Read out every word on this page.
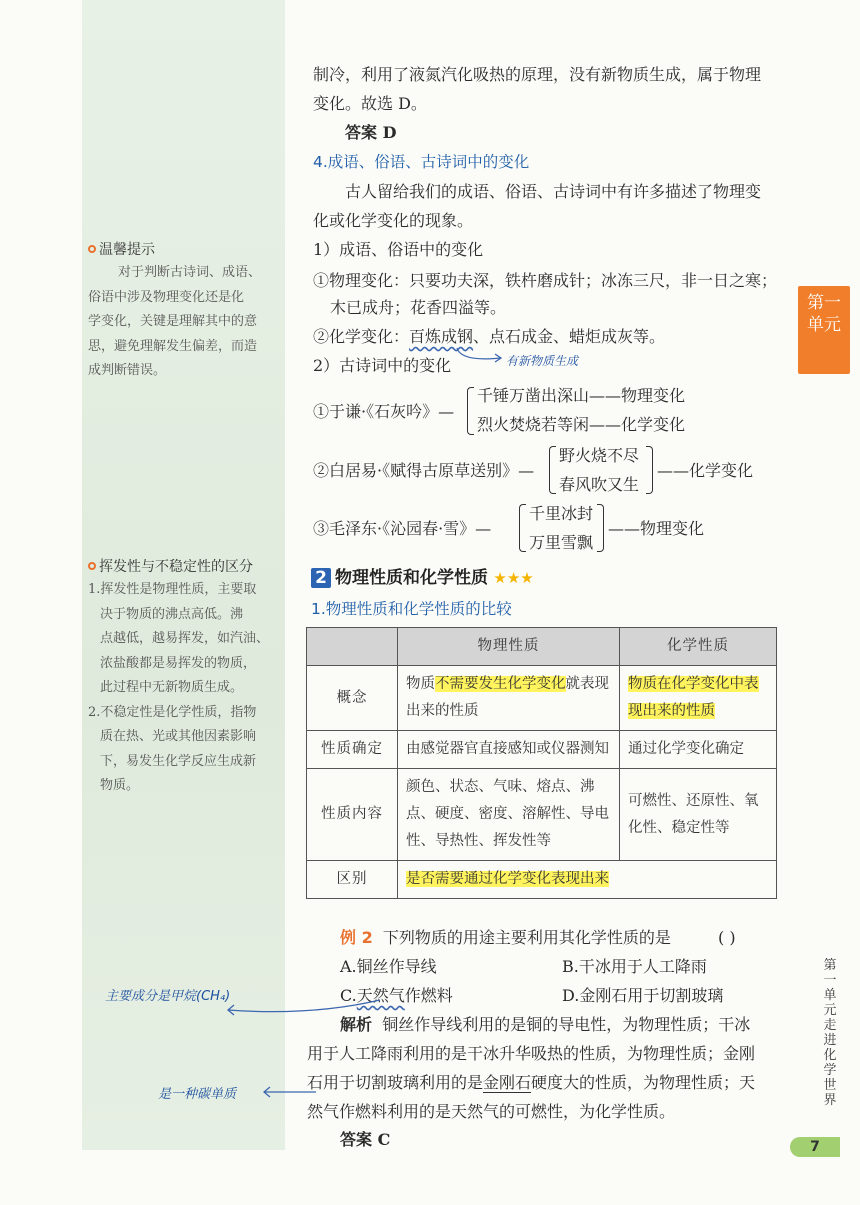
温馨提示

对于判断古诗词、成语、

俗语中涉及物理变化还是化

学变化，关键是理解其中的意

思，避免理解发生偏差，而造

成判断错误。

挥发性与不稳定性的区分

1.挥发性是物理性质，主要取

决于物质的沸点高低。沸

点越低，越易挥发，如汽油、

浓盐酸都是易挥发的物质，

此过程中无新物质生成。

2.不稳定性是化学性质，指物

质在热、光或其他因素影响

下，易发生化学反应生成新

物质。

制冷，利用了液氮汽化吸热的原理，没有新物质生成，属于物理
变化。故选 D。
答案 D
4.成语、俗语、古诗词中的变化
古人留给我们的成语、俗语、古诗词中有许多描述了物理变
化或化学变化的现象。
1）成语、俗语中的变化
①物理变化：只要功夫深，铁杵磨成针；冰冻三尺，非一日之寒；
木已成舟；花香四溢等。
②化学变化：百炼成钢、点石成金、蜡炬成灰等。
有新物质生成
2）古诗词中的变化
①于谦·《石灰吟》—
千锤万凿出深山——物理变化
烈火焚烧若等闲——化学变化
②白居易·《赋得古原草送别》—
野火烧不尽
春风吹又生
——化学变化
③毛泽东·《沁园春·雪》—
千里冰封
万里雪飘
——物理变化
2 物理性质和化学性质 ★★★
1.物理性质和化学性质的比较
	物理性质	化学性质
概念	物质不需要发生化学变化就表现出来的性质	物质在化学变化中表现出来的性质
性质确定	由感觉器官直接感知或仪器测知	通过化学变化确定
性质内容	颜色、状态、气味、熔点、沸点、硬度、密度、溶解性、导电性、导热性、挥发性等	可燃性、还原性、氧化性、稳定性等
区别	是否需要通过化学变化表现出来	
例 2 下列物质的用途主要利用其化学性质的是	( )
A.铜丝作导线	B.干冰用于人工降雨
C.天然气作燃料	D.金刚石用于切割玻璃
主要成分是甲烷(CH₄)
解析 铜丝作导线利用的是铜的导电性，为物理性质；干冰
用于人工降雨利用的是干冰升华吸热的性质，为物理性质；金刚
石用于切割玻璃利用的是金刚石硬度大的性质，为物理性质；天
然气作燃料利用的是天然气的可燃性，为化学性质。
是一种碳单质
答案 C
第一单元
第一单元 走进化学世界
7
